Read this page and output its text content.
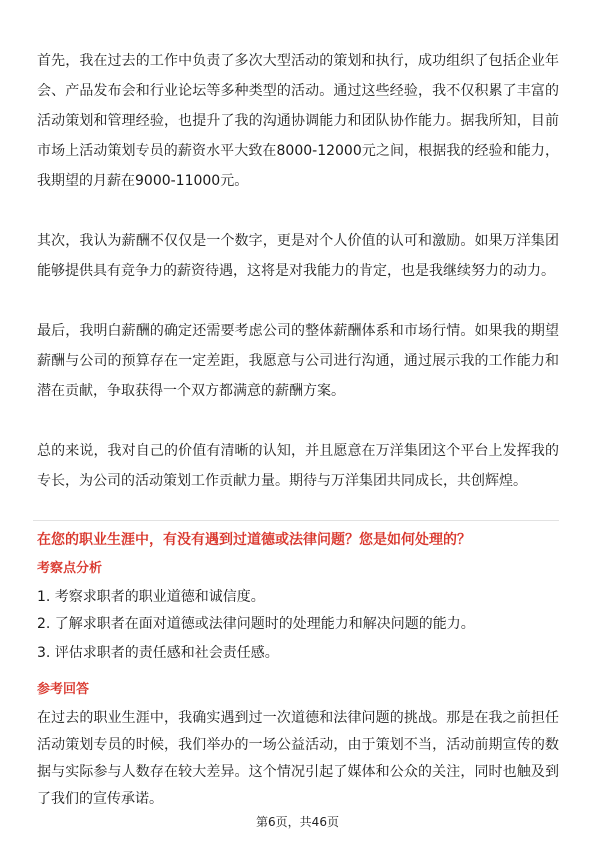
首先，我在过去的工作中负责了多次大型活动的策划和执行，成功组织了包括企业年会、产品发布会和行业论坛等多种类型的活动。通过这些经验，我不仅积累了丰富的活动策划和管理经验，也提升了我的沟通协调能力和团队协作能力。据我所知，目前市场上活动策划专员的薪资水平大致在8000-12000元之间，根据我的经验和能力，我期望的月薪在9000-11000元。

其次，我认为薪酬不仅仅是一个数字，更是对个人价值的认可和激励。如果万洋集团能够提供具有竞争力的薪资待遇，这将是对我能力的肯定，也是我继续努力的动力。

最后，我明白薪酬的确定还需要考虑公司的整体薪酬体系和市场行情。如果我的期望薪酬与公司的预算存在一定差距，我愿意与公司进行沟通，通过展示我的工作能力和潜在贡献，争取获得一个双方都满意的薪酬方案。

总的来说，我对自己的价值有清晰的认知，并且愿意在万洋集团这个平台上发挥我的专长，为公司的活动策划工作贡献力量。期待与万洋集团共同成长，共创辉煌。

在您的职业生涯中，有没有遇到过道德或法律问题？您是如何处理的？

考察点分析

1. 考察求职者的职业道德和诚信度。

2. 了解求职者在面对道德或法律问题时的处理能力和解决问题的能力。

3. 评估求职者的责任感和社会责任感。

参考回答

在过去的职业生涯中，我确实遇到过一次道德和法律问题的挑战。那是在我之前担任活动策划专员的时候，我们举办的一场公益活动，由于策划不当，活动前期宣传的数据与实际参与人数存在较大差异。这个情况引起了媒体和公众的关注，同时也触及到了我们的宣传承诺。

第6页，共46页
